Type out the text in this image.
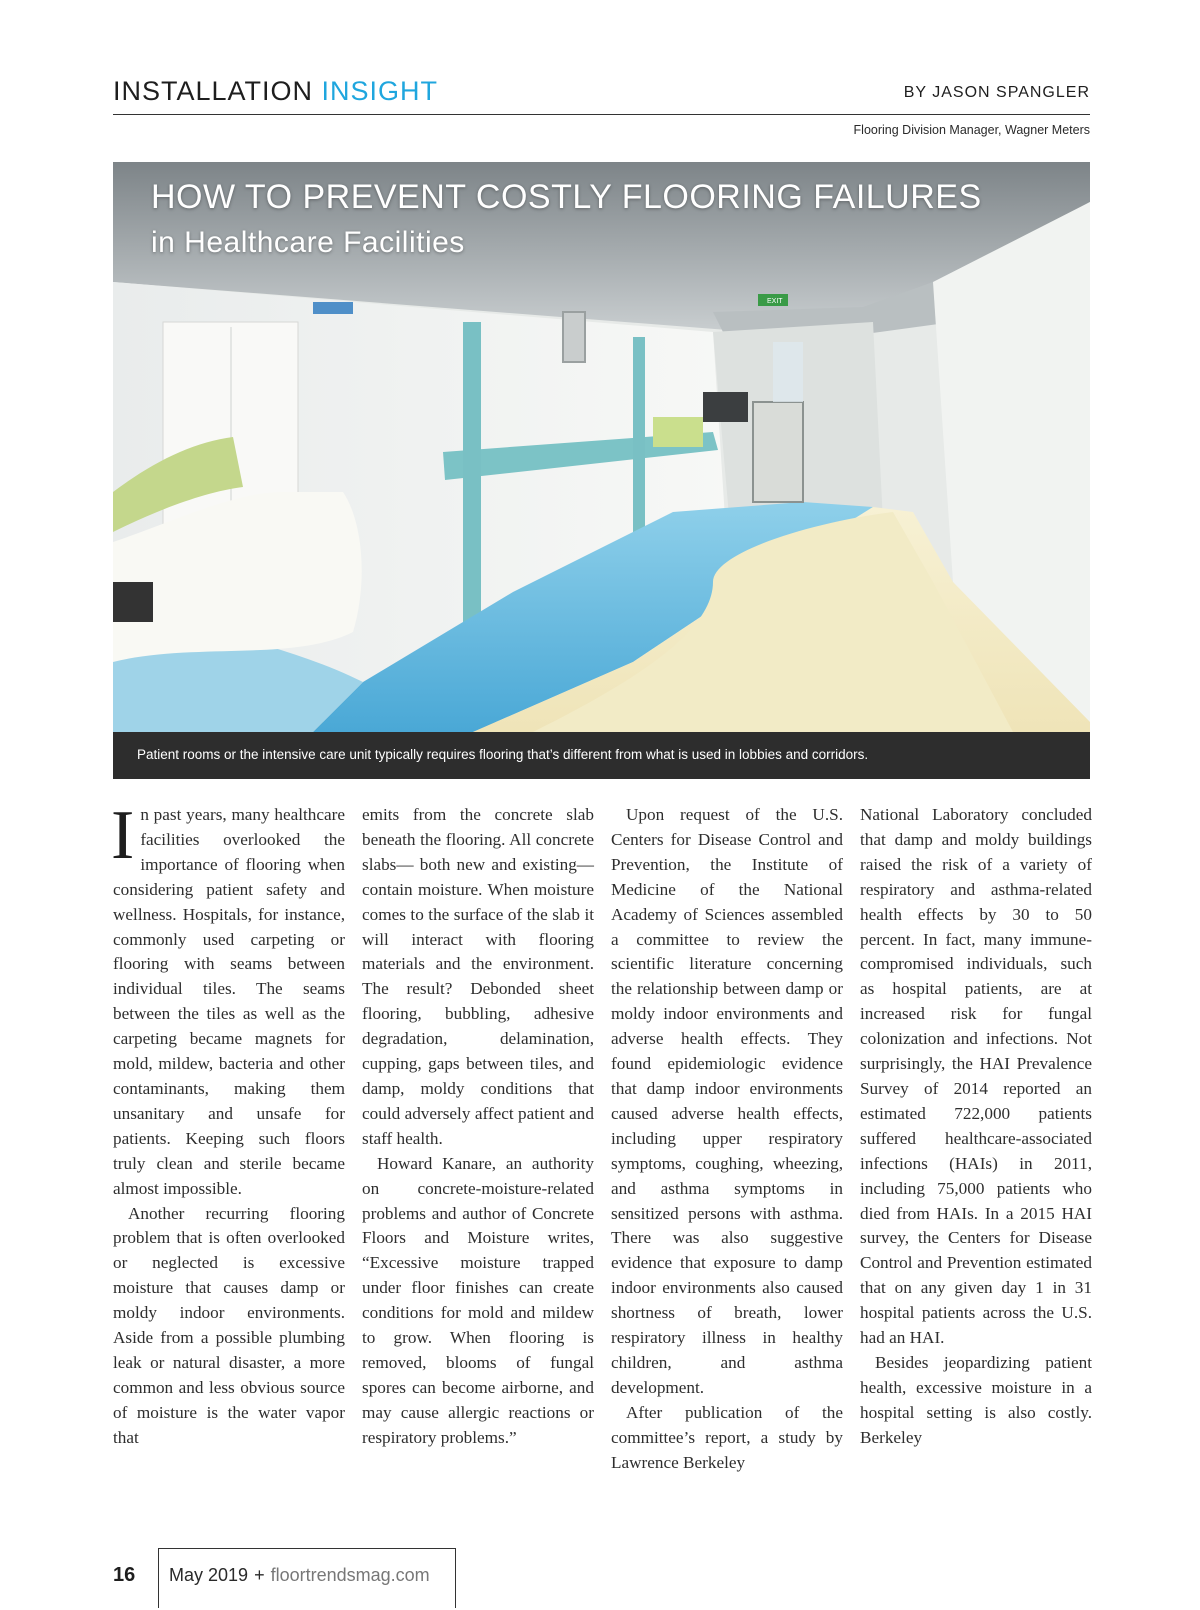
INSTALLATION INSIGHT	BY JASON SPANGLER
Flooring Division Manager, Wagner Meters
EXIT
HOW TO PREVENT COSTLY FLOORING FAILURES
in Healthcare Facilities
Patient rooms or the intensive care unit typically requires flooring that’s different from what is used in lobbies and corridors.

In past years, many healthcare facilities overlooked the importance of flooring when considering patient safety and wellness. Hospitals, for instance, commonly used carpeting or flooring with seams between individual tiles. The seams between the tiles as well as the carpeting became magnets for mold, mildew, bacteria and other contaminants, making them unsanitary and unsafe for patients. Keeping such floors truly clean and sterile became almost impossible.

Another recurring flooring problem that is often overlooked or neglected is excessive moisture that causes damp or moldy indoor environments. Aside from a possible plumbing leak or natural disaster, a more common and less obvious source of moisture is the water vapor that

emits from the concrete slab beneath the flooring. All concrete slabs— both new and existing—contain moisture. When moisture comes to the surface of the slab it will interact with flooring materials and the environment. The result? Debonded sheet flooring, bubbling, adhesive degradation, delamination, cupping, gaps between tiles, and damp, moldy conditions that could adversely affect patient and staff health.

Howard Kanare, an authority on concrete-moisture-related problems and author of Concrete Floors and Moisture writes, “Excessive moisture trapped under floor finishes can create conditions for mold and mildew to grow. When flooring is removed, blooms of fungal spores can become airborne, and may cause allergic reactions or respiratory problems.”

Upon request of the U.S. Centers for Disease Control and Prevention, the Institute of Medicine of the National Academy of Sciences assembled a committee to review the scientific literature concerning the relationship between damp or moldy indoor environments and adverse health effects. They found epidemiologic evidence that damp indoor environments caused adverse health effects, including upper respiratory symptoms, coughing, wheezing, and asthma symptoms in sensitized persons with asthma. There was also suggestive evidence that exposure to damp indoor environments also caused shortness of breath, lower respiratory illness in healthy children, and asthma development.

After publication of the committee’s report, a study by Lawrence Berkeley

National Laboratory concluded that damp and moldy buildings raised the risk of a variety of respiratory and asthma-related health effects by 30 to 50 percent. In fact, many immune-compromised individuals, such as hospital patients, are at increased risk for fungal colonization and infections. Not surprisingly, the HAI Prevalence Survey of 2014 reported an estimated 722,000 patients suffered healthcare-associated infections (HAIs) in 2011, including 75,000 patients who died from HAIs. In a 2015 HAI survey, the Centers for Disease Control and Prevention estimated that on any given day 1 in 31 hospital patients across the U.S. had an HAI.

Besides jeopardizing patient health, excessive moisture in a hospital setting is also costly. Berkeley

16 May 2019 + floortrendsmag.com
